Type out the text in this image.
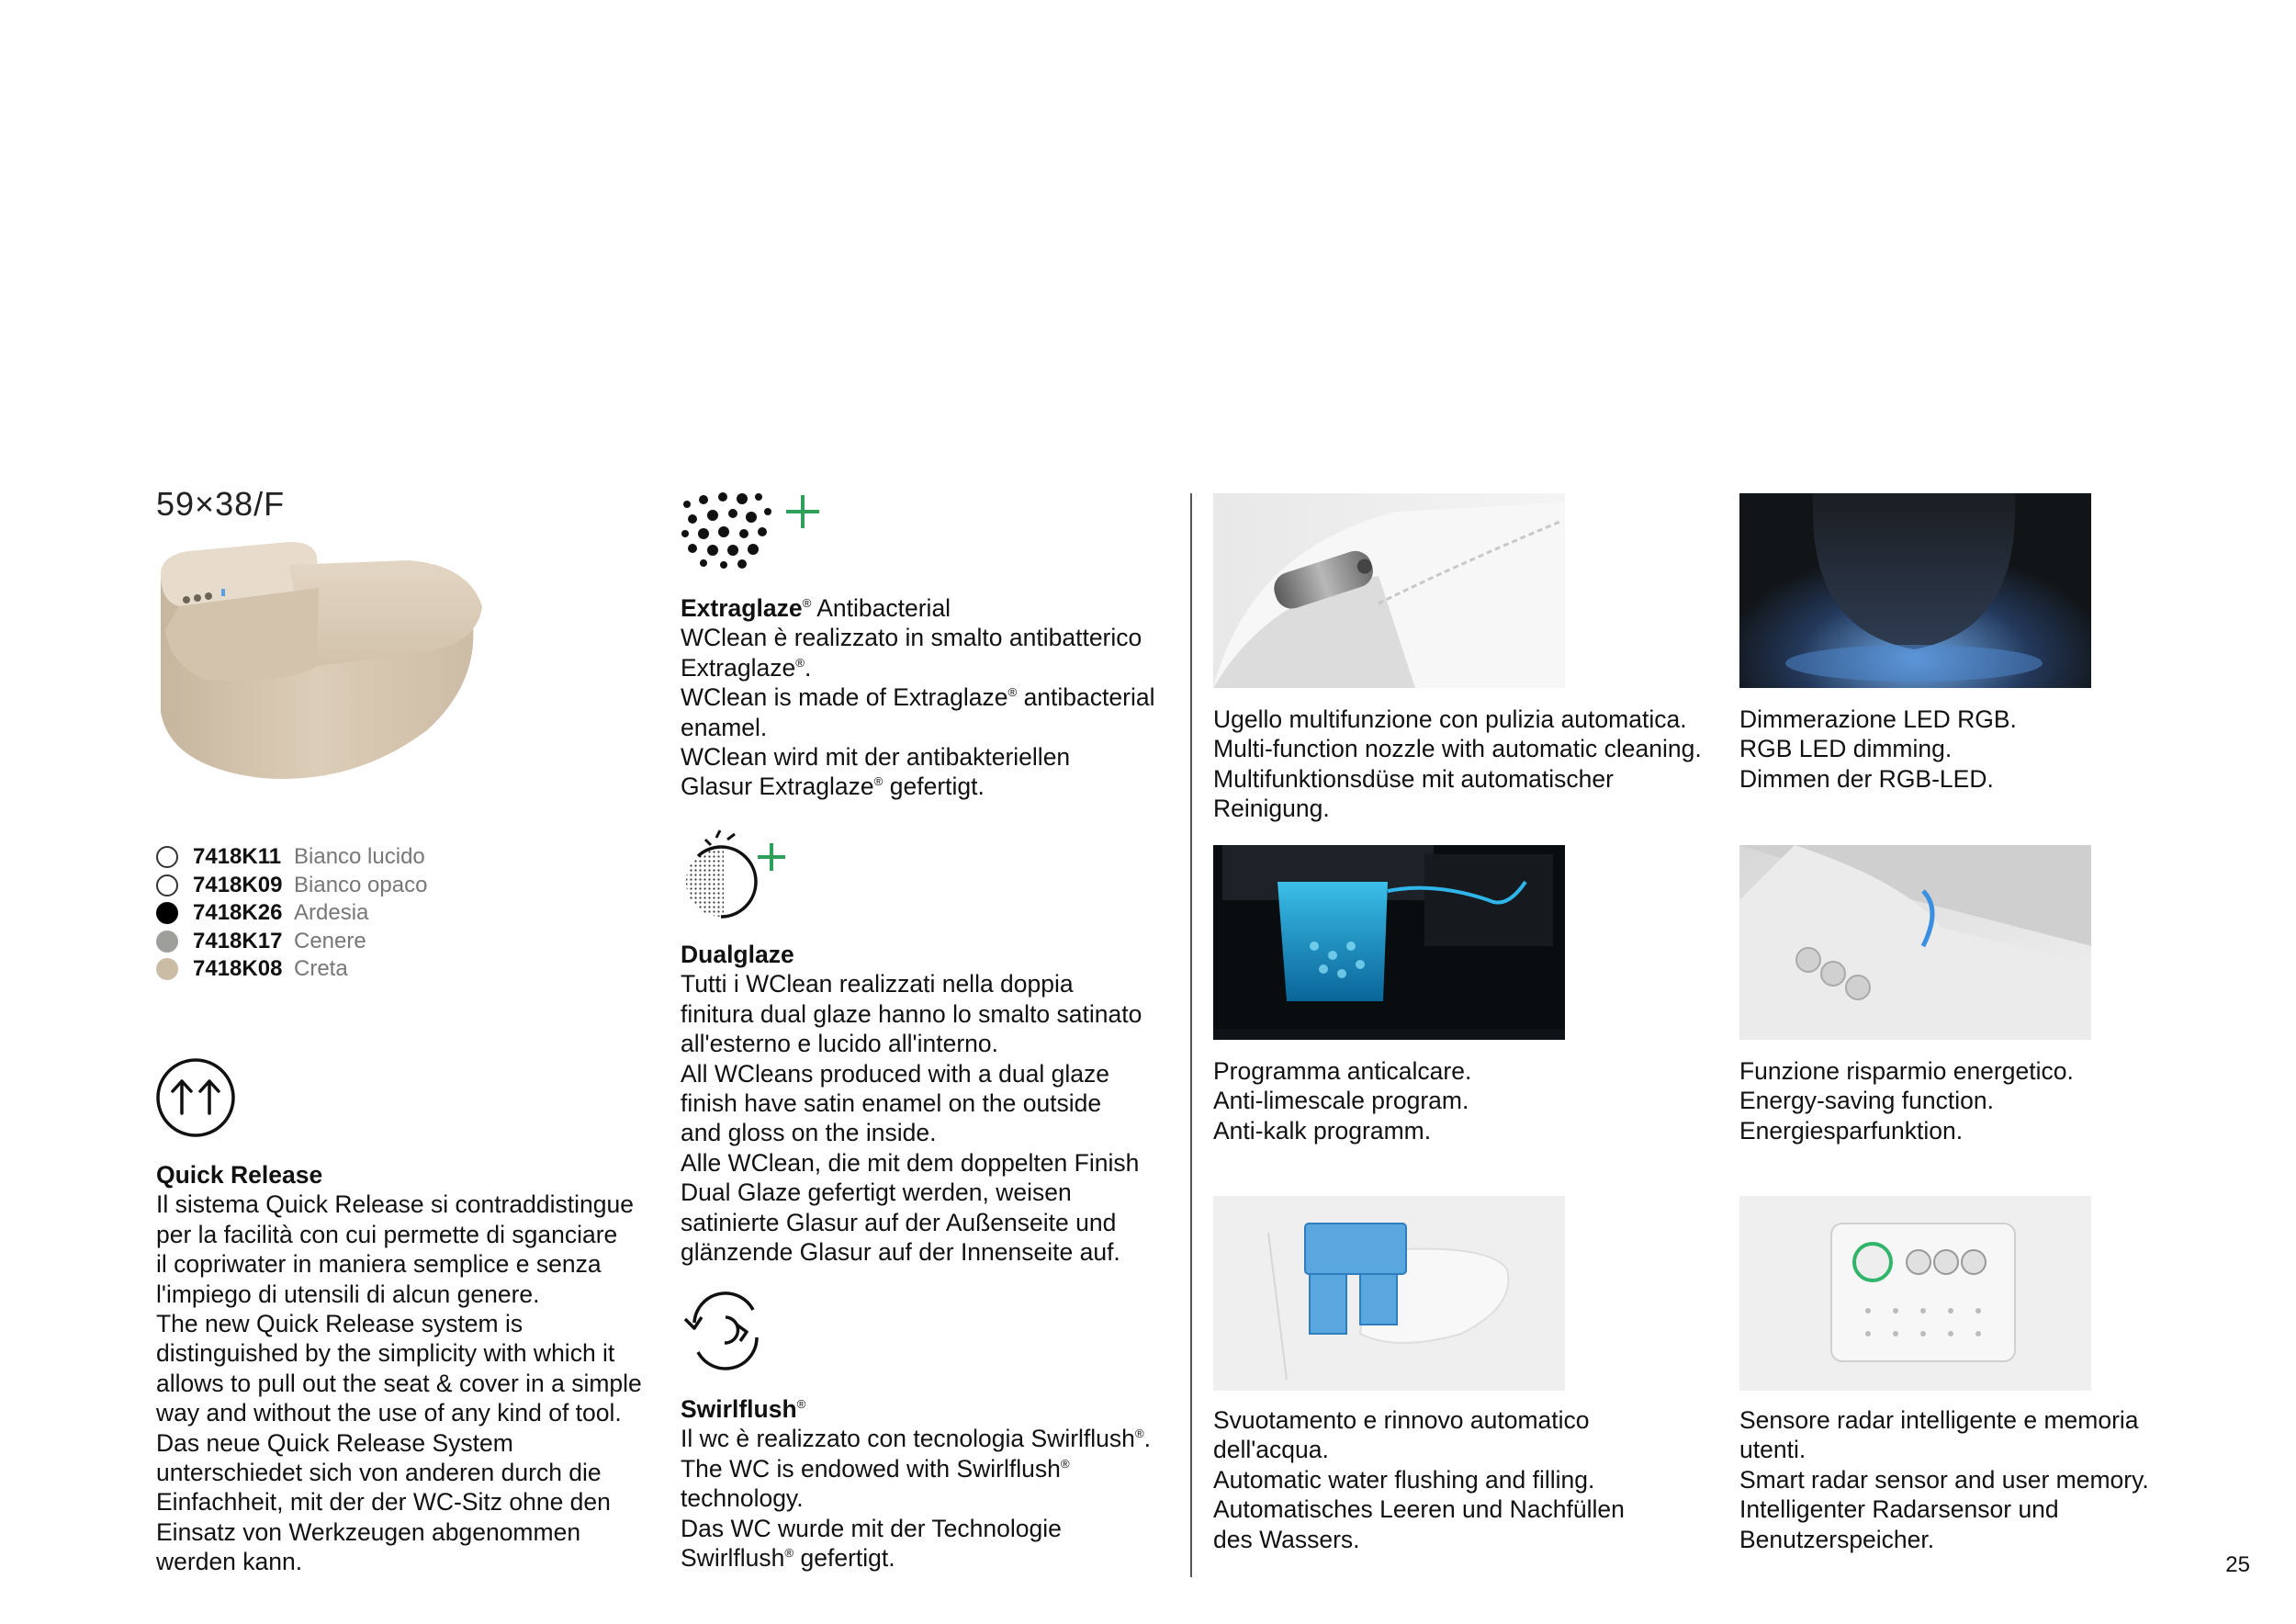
59×38/F
7418K11 Bianco lucido
7418K09 Bianco opaco
7418K26 Ardesia
7418K17 Cenere
7418K08 Creta

Quick Release

Il sistema Quick Release si contraddistingue

per la facilità con cui permette di sganciare

il copriwater in maniera semplice e senza

l'impiego di utensili di alcun genere.

The new Quick Release system is

distinguished by the simplicity with which it

allows to pull out the seat & cover in a simple

way and without the use of any kind of tool.

Das neue Quick Release System

unterschiedet sich von anderen durch die

Einfachheit, mit der der WC-Sitz ohne den

Einsatz von Werkzeugen abgenommen

werden kann.

Extraglaze® Antibacterial

WClean è realizzato in smalto antibatterico

Extraglaze®.

WClean is made of Extraglaze® antibacterial

enamel.

WClean wird mit der antibakteriellen

Glasur Extraglaze® gefertigt.

Dualglaze

Tutti i WClean realizzati nella doppia

finitura dual glaze hanno lo smalto satinato

all'esterno e lucido all'interno.

All WCleans produced with a dual glaze

finish have satin enamel on the outside

and gloss on the inside.

Alle WClean, die mit dem doppelten Finish

Dual Glaze gefertigt werden, weisen

satinierte Glasur auf der Außenseite und

glänzende Glasur auf der Innenseite auf.

Swirlflush®

Il wc è realizzato con tecnologia Swirlflush®.

The WC is endowed with Swirlflush®

technology.

Das WC wurde mit der Technologie

Swirlflush® gefertigt.

Ugello multifunzione con pulizia automatica.
Multi-function nozzle with automatic cleaning.
Multifunktionsdüse mit automatischer
Reinigung.
Dimmerazione LED RGB.
RGB LED dimming.
Dimmen der RGB-LED.
Programma anticalcare.
Anti-limescale program.
Anti-kalk programm.
Funzione risparmio energetico.
Energy-saving function.
Energiesparfunktion.
Svuotamento e rinnovo automatico
dell'acqua.
Automatic water flushing and filling.
Automatisches Leeren und Nachfüllen
des Wassers.
Sensore radar intelligente e memoria
utenti.
Smart radar sensor and user memory.
Intelligenter Radarsensor und
Benutzerspeicher.
25
